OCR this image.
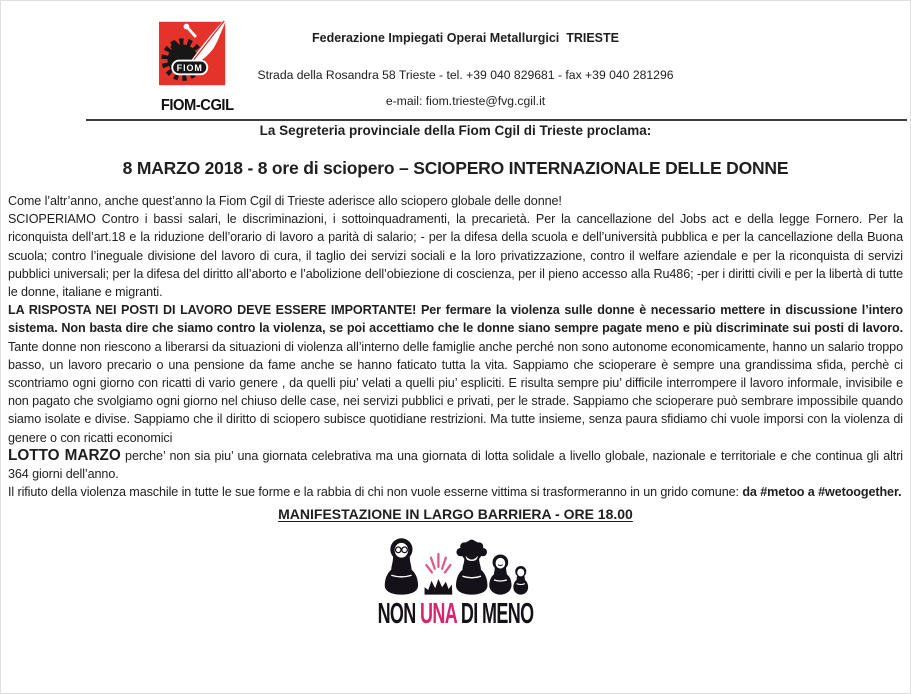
FIOM
FIOM-CGIL
Federazione Impiegati Operai Metallurgici  TRIESTE
Strada della Rosandra 58 Trieste - tel. +39 040 829681 - fax +39 040 281296
e-mail: fiom.trieste@fvg.cgil.it
La Segreteria provinciale della Fiom Cgil di Trieste proclama:
8 MARZO 2018 - 8 ore di sciopero – SCIOPERO INTERNAZIONALE DELLE DONNE

Come l’altr’anno, anche quest’anno la Fiom Cgil di Trieste aderisce allo sciopero globale delle donne!

SCIOPERIAMO Contro i bassi salari, le discriminazioni, i sottoinquadramenti, la precarietà. Per la cancellazione del Jobs act e della legge Fornero. Per la riconquista dell’art.18 e la riduzione dell’orario di lavoro a parità di salario; - per la difesa della scuola e dell’università pubblica e per la cancellazione della Buona scuola; contro l’ineguale divisione del lavoro di cura, il taglio dei servizi sociali e la loro privatizzazione, contro il welfare aziendale e per la riconquista di servizi pubblici universali; per la difesa del diritto all’aborto e l’abolizione dell’obiezione di coscienza, per il pieno accesso alla Ru486; -per i diritti civili e per la libertà di tutte le donne, italiane e migranti.

LA RISPOSTA NEI POSTI DI LAVORO DEVE ESSERE IMPORTANTE! Per fermare la violenza sulle donne è necessario mettere in discussione l’intero sistema. Non basta dire che siamo contro la violenza, se poi accettiamo che le donne siano sempre pagate meno e più discriminate sui posti di lavoro. Tante donne non riescono a liberarsi da situazioni di violenza all’interno delle famiglie anche perché non sono autonome economicamente, hanno un salario troppo basso, un lavoro precario o una pensione da fame anche se hanno faticato tutta la vita. Sappiamo che scioperare è sempre una grandissima sfida, perchè ci scontriamo ogni giorno con ricatti di vario genere , da quelli piu’ velati a quelli piu’ espliciti. E risulta sempre piu’ difficile interrompere il lavoro informale, invisibile e non pagato che svolgiamo ogni giorno nel chiuso delle case, nei servizi pubblici e privati, per le strade. Sappiamo che scioperare può sembrare impossibile quando siamo isolate e divise. Sappiamo che il diritto di sciopero subisce quotidiane restrizioni. Ma tutte insieme, senza paura sfidiamo chi vuole imporsi con la violenza di genere o con ricatti economici

LOTTO MARZO perche’ non sia piu’ una giornata celebrativa ma una giornata di lotta solidale a livello globale, nazionale e territoriale e che continua gli altri 364 giorni dell’anno.

Il rifiuto della violenza maschile in tutte le sue forme e la rabbia di chi non vuole esserne vittima si trasformeranno in un grido comune: da #metoo a #wetoogether.

MANIFESTAZIONE IN LARGO BARRIERA - ORE 18.00
NON UNA DI MENO
